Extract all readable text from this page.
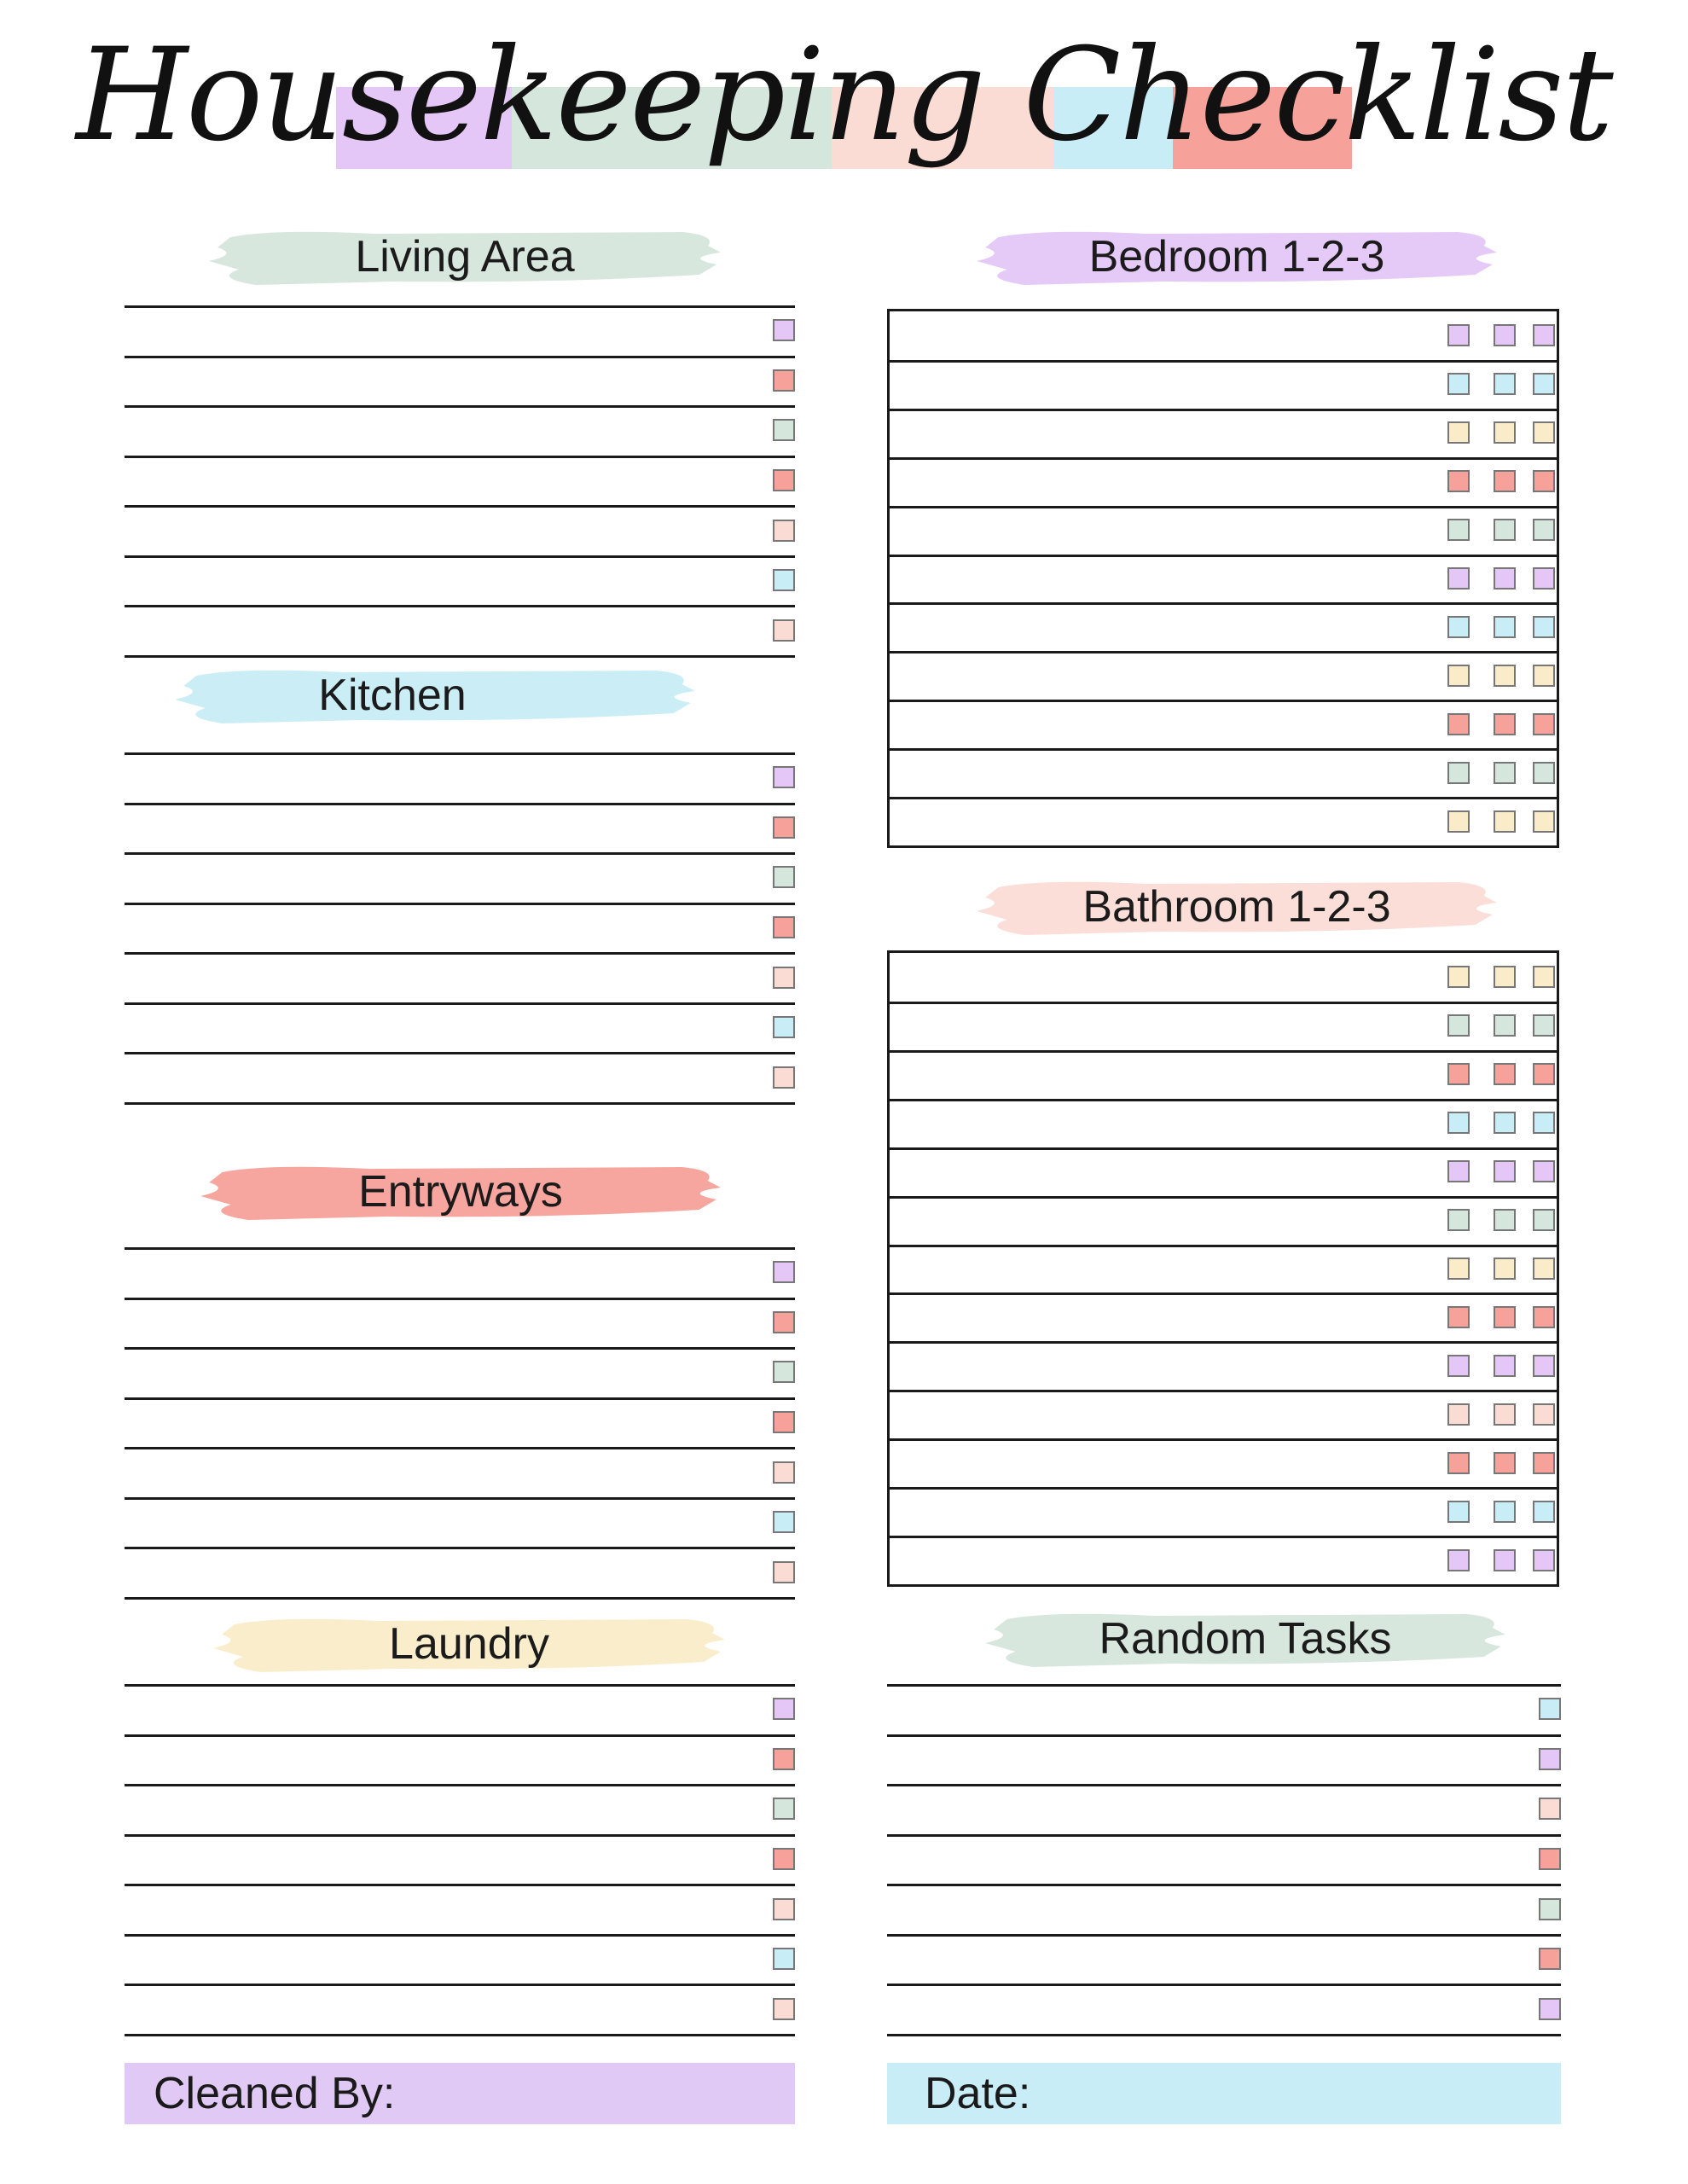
Housekeeping Checklist
Living Area
Kitchen
Entryways
Laundry
Bedroom 1-2-3
Bathroom 1-2-3
Random Tasks
Cleaned By:	Date:
